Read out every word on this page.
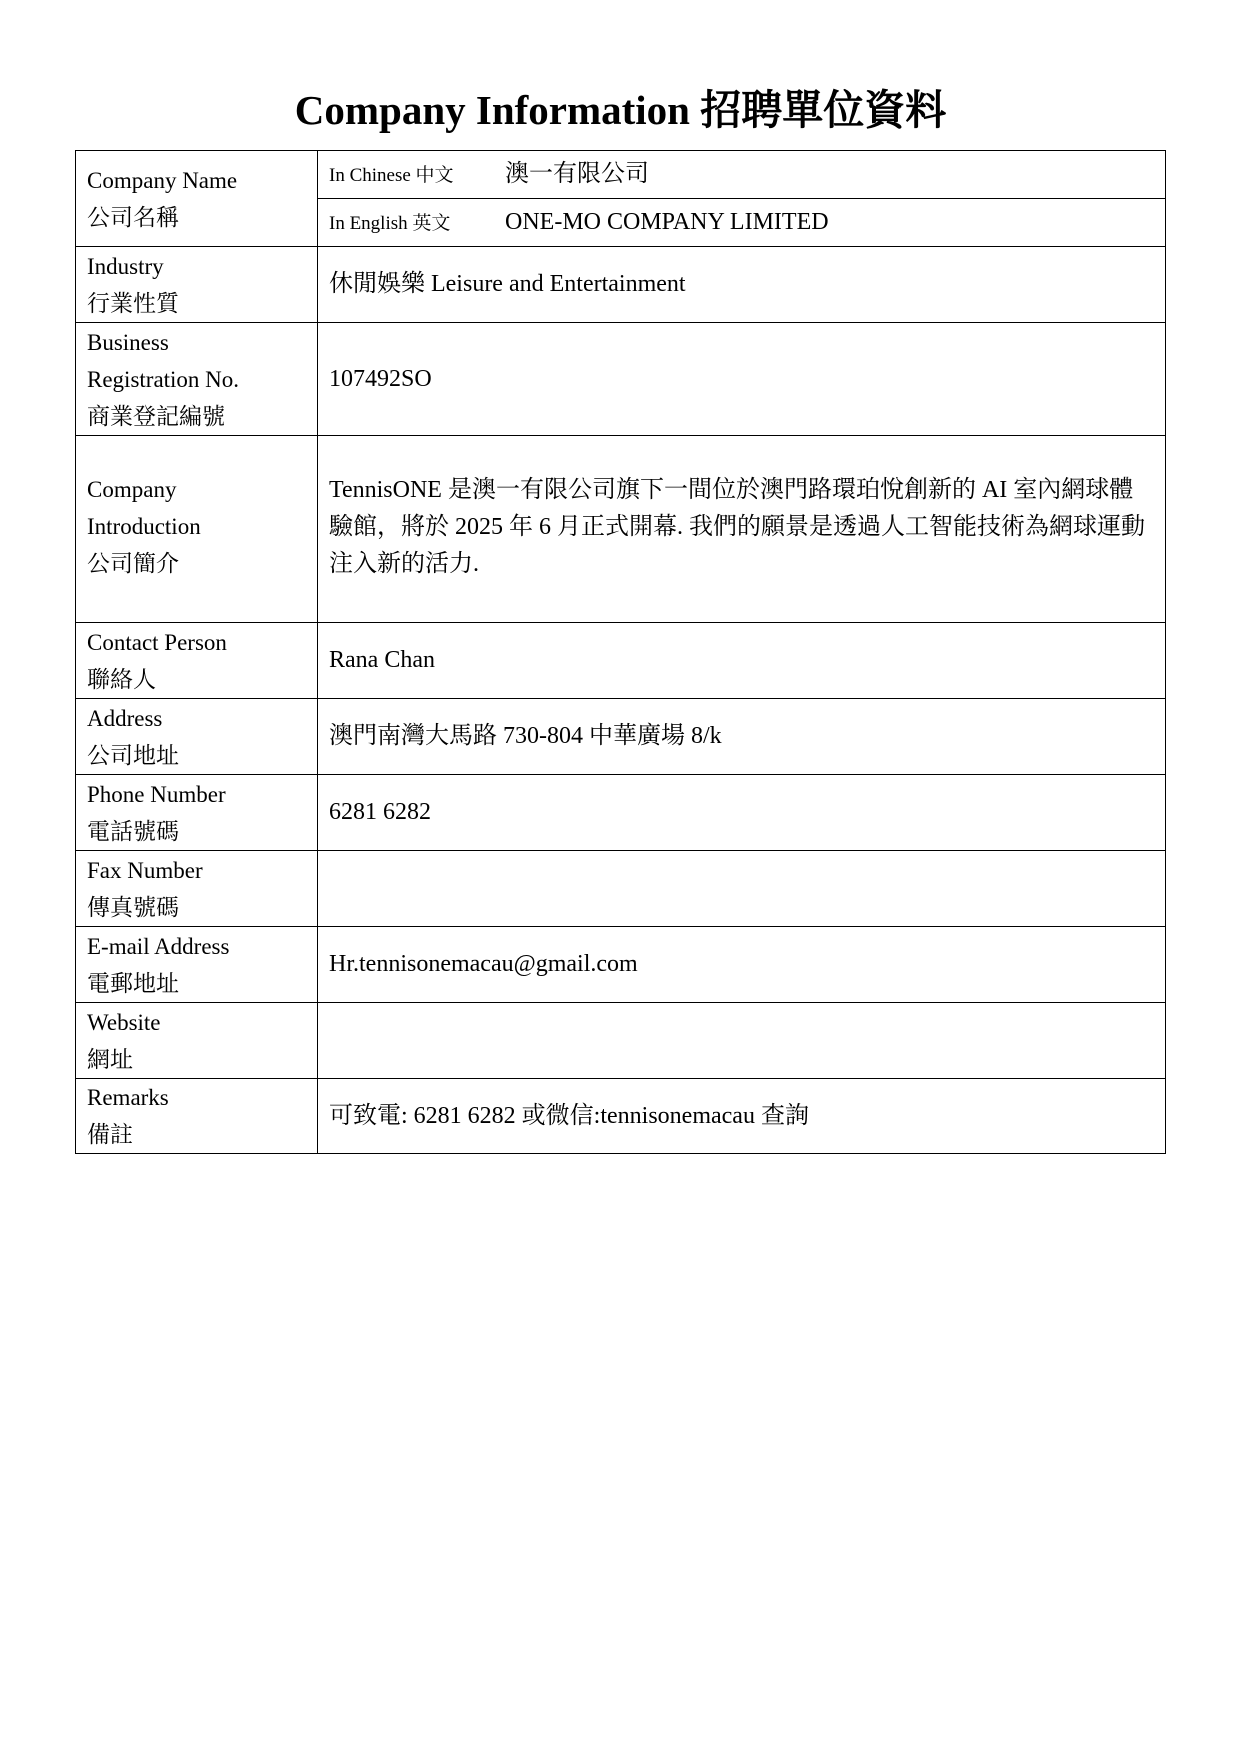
Company Information 招聘單位資料
Company Name
公司名稱	In Chinese 中文 澳一有限公司
	In English 英文 ONE-MO COMPANY LIMITED

Industry
行業性質	休閒娛樂 Leisure and Entertainment

Business
Registration No.
商業登記編號	107492SO

Company
Introduction
公司簡介	TennisONE 是澳一有限公司旗下一間位於澳門路環珀悅創新的 AI 室內網球體驗館，將於 2025 年 6 月正式開幕. 我們的願景是透過人工智能技術為網球運動注入新的活力.

Contact Person
聯絡人	Rana Chan

Address
公司地址	澳門南灣大馬路 730-804 中華廣場 8/k

Phone Number
電話號碼	6281 6282

Fax Number
傳真號碼	

E-mail Address
電郵地址	Hr.tennisonemacau@gmail.com

Website
網址	

Remarks
備註	可致電: 6281 6282 或微信:tennisonemacau 查詢
